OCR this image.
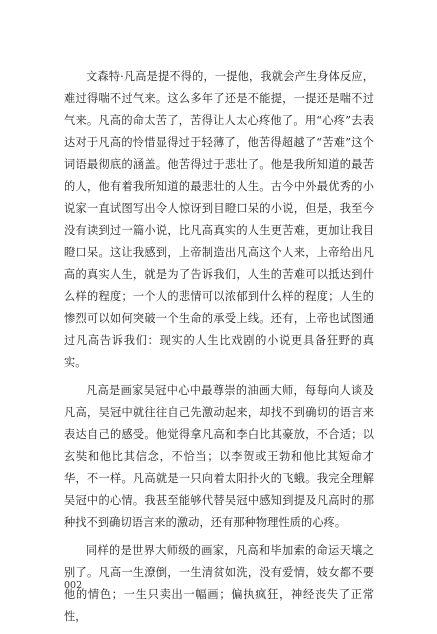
文森特·凡高是提不得的，一提他，我就会产生身体反应，难过得喘不过气来。这么多年了还是不能提，一提还是喘不过气来。凡高的命太苦了，苦得让人太心疼他了。用“心疼”去表达对于凡高的怜惜显得过于轻薄了，他苦得超越了“苦难”这个词语最彻底的涵盖。他苦得过于悲壮了。他是我所知道的最苦的人，他有着我所知道的最悲壮的人生。古今中外最优秀的小说家一直试图写出令人惊讶到目瞪口呆的小说，但是，我至今没有读到过一篇小说，比凡高真实的人生更苦难，更加让我目瞪口呆。这让我感到，上帝制造出凡高这个人来，上帝给出凡高的真实人生，就是为了告诉我们，人生的苦难可以抵达到什么样的程度；一个人的悲情可以浓郁到什么样的程度；人生的惨烈可以如何突破一个生命的承受上线。还有，上帝也试图通过凡高告诉我们：现实的人生比戏剧的小说更具备狂野的真实。

凡高是画家吴冠中心中最尊崇的油画大师，每每向人谈及凡高，吴冠中就往往自己先激动起来，却找不到确切的语言来表达自己的感受。他觉得拿凡高和李白比其豪放，不合适；以玄奘和他比其信念，不恰当；以李贺或王勃和他比其短命才华，不一样。凡高就是一只向着太阳扑火的飞蛾。我完全理解吴冠中的心情。我甚至能够代替吴冠中感知到提及凡高时的那种找不到确切语言来的激动，还有那种物理性质的心疼。

同样的是世界大师级的画家，凡高和毕加索的命运天壤之别了。凡高一生潦倒，一生清贫如洗，没有爱情，妓女都不要他的情色；一生只卖出一幅画；偏执疯狂，神经丧失了正常性，

002
